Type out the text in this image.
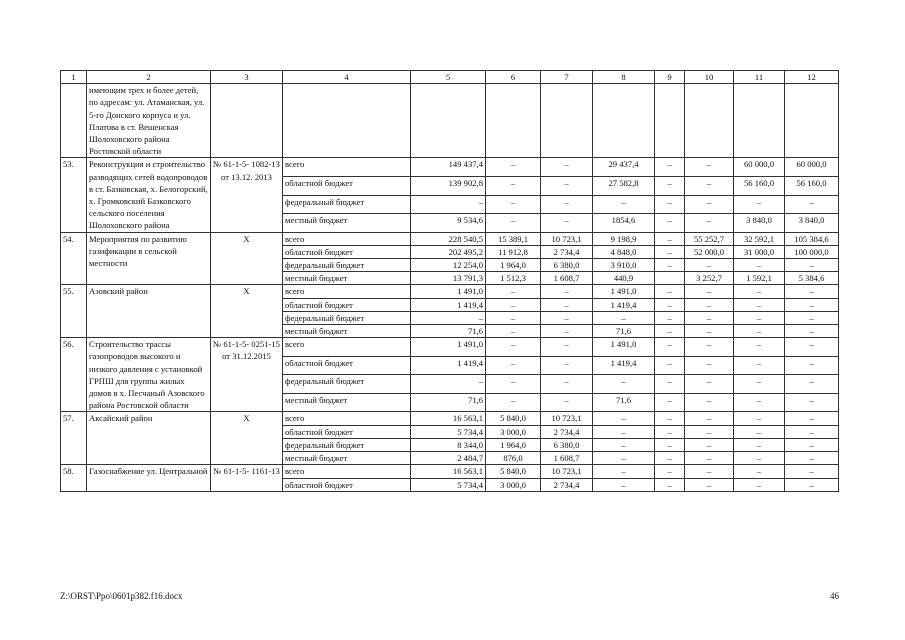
1	2	3	4	5	6	7	8	9	10	11	12
	имеющим трех и более детей, по адресам: ул. Атаманская, ул. 5-го Донского корпуса и ул. Платова в ст. Вешенская Шолоховского района Ростовской области										
53.	Реконструкция и строительство разводящих сетей водопроводов в ст. Базковская, х. Белогорский, х. Громковский Базковского сельского поселения Шолоховского района	№ 61-1-5- 1082-13 от 13.12. 2013	всего	149 437,4	–	–	29 437,4	–	–	60 000,0	60 000,0
			областной бюджет	139 902,8	–	–	27 582,8	–	–	56 160,0	56 160,0
			федеральный бюджет	–	–	–	–	–	–	–	–
			местный бюджет	9 534,6	–	–	1854,6	–	–	3 840,0	3 840,0
54.	Мероприятия по развитию газификации в сельской местности	Х	всего	228 540,5	15 389,1	10 723,1	9 198,9	–	55 252,7	32 592,1	105 384,6
			областной бюджет	202 495,2	11 912,8	2 734,4	4 848,0	–	52 000,0	31 000,0	100 000,0
			федеральный бюджет	12 254,0	1 964,0	6 380,0	3 910,0	–	–	–	–
			местный бюджет	13 791,3	1 512,3	1 608,7	440,9		3 252,7	1 592,1	5 384,6
55.	Азовский район	Х	всего	1 491,0	–	–	1 491,0	–	–	–	–
			областной бюджет	1 419,4	–	–	1 419,4	–	–	–	–
			федеральный бюджет	–	–	–	–	–	–	–	–
			местный бюджет	71,6	–	–	71,6	–	–	–	–
56.	Строительство трассы газопроводов высокого и низкого давления с установкой ГРПШ для группы жилых домов в х. Песчаный Азовского района Ростовской области	№ 61-1-5- 0251-15 от 31.12.2015	всего	1 491,0	–	–	1 491,0	–	–	–	–
			областной бюджет	1 419,4	–	–	1 419,4	–	–	–	–
			федеральный бюджет	–	–	–	–	–	–	–	–
			местный бюджет	71,6	–	–	71,6	–	–	–	–
57.	Аксайский район	Х	всего	16 563,1	5 840,0	10 723,1	–	–	–	–	–
			областной бюджет	5 734,4	3 000,0	2 734,4	–	–	–	–	–
			федеральный бюджет	8 344,0	1 964,0	6 380,0	–	–	–	–	–
			местный бюджет	2 484,7	876,0	1 608,7	–	–	–	–	–
58.	Газоснабжение ул. Центральной	№ 61-1-5- 1161-13	всего	16 563,1	5 840,0	10 723,1	–	–	–	–	–
			областной бюджет	5 734,4	3 000,0	2 734,4	–	–	–	–	–
Z:\ORST\Ppo\0601p382.f16.docx	46
